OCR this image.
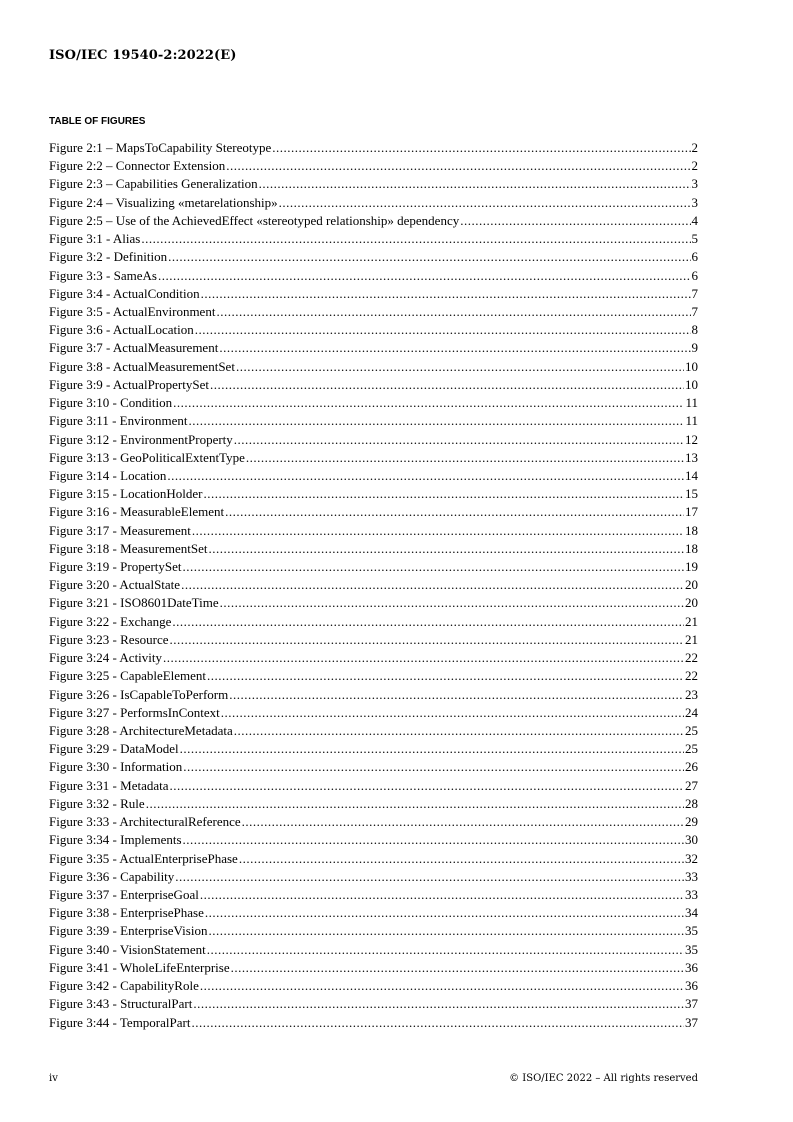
ISO/IEC 19540-2:2022(E)
TABLE OF FIGURES
Figure 2:1 – MapsToCapability Stereotype .....	2
Figure 2:2 – Connector Extension .....	2
Figure 2:3 – Capabilities Generalization .....	3
Figure 2:4 – Visualizing «metarelationship» .....	3
Figure 2:5 – Use of the AchievedEffect «stereotyped relationship» dependency .....	4
Figure 3:1 - Alias .....	5
Figure 3:2 - Definition .....	6
Figure 3:3 - SameAs .....	6
Figure 3:4 - ActualCondition .....	7
Figure 3:5 - ActualEnvironment .....	7
Figure 3:6 - ActualLocation .....	8
Figure 3:7 - ActualMeasurement .....	9
Figure 3:8 - ActualMeasurementSet .....	10
Figure 3:9 - ActualPropertySet .....	10
Figure 3:10 - Condition .....	11
Figure 3:11 - Environment .....	11
Figure 3:12 - EnvironmentProperty .....	12
Figure 3:13 - GeoPoliticalExtentType .....	13
Figure 3:14 - Location .....	14
Figure 3:15 - LocationHolder .....	15
Figure 3:16 - MeasurableElement .....	17
Figure 3:17 - Measurement .....	18
Figure 3:18 - MeasurementSet .....	18
Figure 3:19 - PropertySet .....	19
Figure 3:20 - ActualState .....	20
Figure 3:21 - ISO8601DateTime .....	20
Figure 3:22 - Exchange .....	21
Figure 3:23 - Resource .....	21
Figure 3:24 - Activity .....	22
Figure 3:25 - CapableElement .....	22
Figure 3:26 - IsCapableToPerform .....	23
Figure 3:27 - PerformsInContext .....	24
Figure 3:28 - ArchitectureMetadata .....	25
Figure 3:29 - DataModel .....	25
Figure 3:30 - Information .....	26
Figure 3:31 - Metadata .....	27
Figure 3:32 - Rule .....	28
Figure 3:33 - ArchitecturalReference .....	29
Figure 3:34 - Implements .....	30
Figure 3:35 - ActualEnterprisePhase .....	32
Figure 3:36 - Capability .....	33
Figure 3:37 - EnterpriseGoal .....	33
Figure 3:38 - EnterprisePhase .....	34
Figure 3:39 - EnterpriseVision .....	35
Figure 3:40 - VisionStatement .....	35
Figure 3:41 - WholeLifeEnterprise .....	36
Figure 3:42 - CapabilityRole .....	36
Figure 3:43 - StructuralPart .....	37
Figure 3:44 - TemporalPart .....	37
iv	© ISO/IEC 2022 – All rights reserved
